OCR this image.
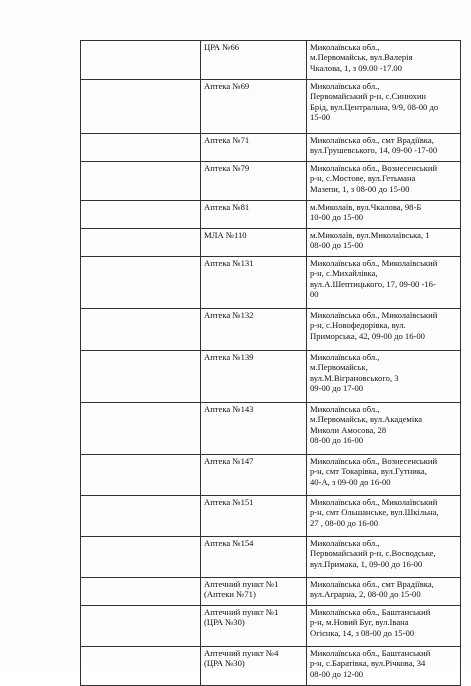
	ЦРА №66	Миколаївська обл.,
м.Первомайськ, вул.Валерія
Чкалова, 1, з 09.00 -17.00

	Аптека №69	Миколаївська обл.,
Первомайський р-н, с.Синюхин
Брід, вул.Центральна, 9/9, 08-00 до
15-00

	Аптека №71	Миколаївська обл., смт Врадіївка,
вул.Грушевського, 14, 09-00 -17-00

	Аптека №79	Миколаївська обл., Вознесенський
р-н, с.Мостове, вул.Гетьмана
Мазепи, 1, з 08-00 до 15-00

	Аптека №81	м.Миколаїв, вул.Чкалова, 98-Б
10-00 до 15-00

	МЛА №110	м.Миколаїв, вул.Миколаївська, 1
08-00 до 15-00

	Аптека №131	Миколаївська обл., Миколаївський
р-н, с.Михайлівка,
вул.А.Шептицького, 17, 09-00 -16-
00

	Аптека №132	Миколаївська обл., Миколаївський
р-н, с.Новофедорівка, вул.
Приморська, 42, 09-00 до 16-00

	Аптека №139	Миколаївська обл.,
м.Первомайськ,
вул.М.Віграновського, 3
09-00 до 17-00

	Аптека №143	Миколаївська обл.,
м.Первомайськ, вул.Академіка
Миколи Амосова, 28
08-00 до 16-00

	Аптека №147	Миколаївська обл., Вознесенський
р-н, смт Токарівка, вул.Гутника,
40-А, з 09-00 до 16-00

	Аптека №151	Миколаївська обл., Миколаївський
р-н, смт Ольшанське, вул.Шкільна,
27 , 08-00 до 16-00

	Аптека №154	Миколаївська обл.,
Первомайський р-н, с.Восводське,
вул.Примака, 1, 09-00 до 16-00

	Аптечний пункт №1
(Аптеки №71)	Миколаївська обл., смт Врадіївка,
вул.Аграрна, 2, 08-00 до 15-00

	Аптечний пункт №1
(ЦРА №30)	Миколаївська обл., Баштанський
р-н, м.Новий Буг, вул.Івана
Огієнка, 14, з 08-00 до 15-00

	Аптечний пункт №4
(ЦРА №30)	Миколаївська обл., Баштанський
р-н, с.Баратівка, вул.Річкова, 34
08-00 до 12-00
